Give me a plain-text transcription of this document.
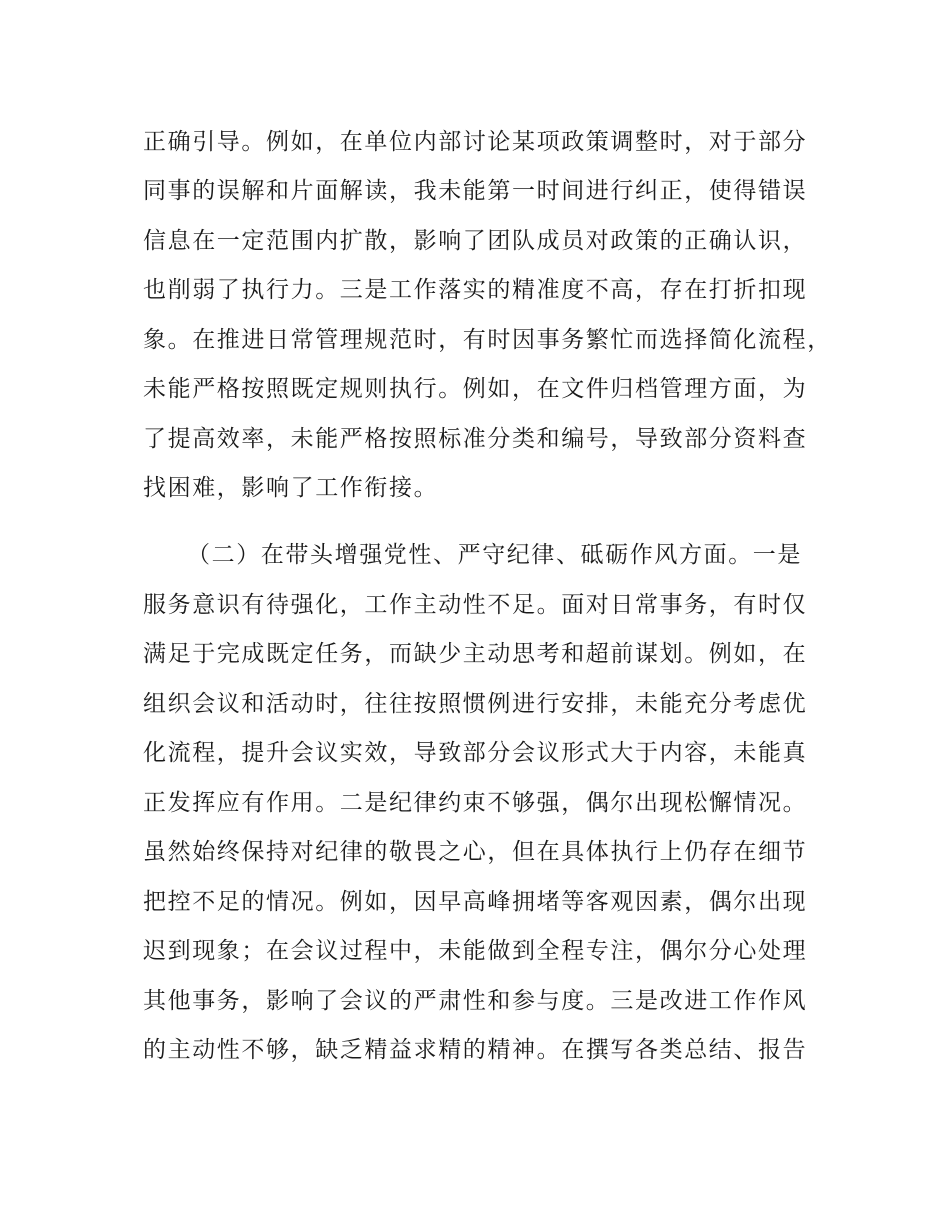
正确引导。例如，在单位内部讨论某项政策调整时，对于部分
同事的误解和片面解读，我未能第一时间进行纠正，使得错误
信息在一定范围内扩散，影响了团队成员对政策的正确认识，
也削弱了执行力。三是工作落实的精准度不高，存在打折扣现
象。在推进日常管理规范时，有时因事务繁忙而选择简化流程，
未能严格按照既定规则执行。例如，在文件归档管理方面，为
了提高效率，未能严格按照标准分类和编号，导致部分资料查
找困难，影响了工作衔接。
（二）在带头增强党性、严守纪律、砥砺作风方面。一是
服务意识有待强化，工作主动性不足。面对日常事务，有时仅
满足于完成既定任务，而缺少主动思考和超前谋划。例如，在
组织会议和活动时，往往按照惯例进行安排，未能充分考虑优
化流程，提升会议实效，导致部分会议形式大于内容，未能真
正发挥应有作用。二是纪律约束不够强，偶尔出现松懈情况。
虽然始终保持对纪律的敬畏之心，但在具体执行上仍存在细节
把控不足的情况。例如，因早高峰拥堵等客观因素，偶尔出现
迟到现象；在会议过程中，未能做到全程专注，偶尔分心处理
其他事务，影响了会议的严肃性和参与度。三是改进工作作风
的主动性不够，缺乏精益求精的精神。在撰写各类总结、报告
